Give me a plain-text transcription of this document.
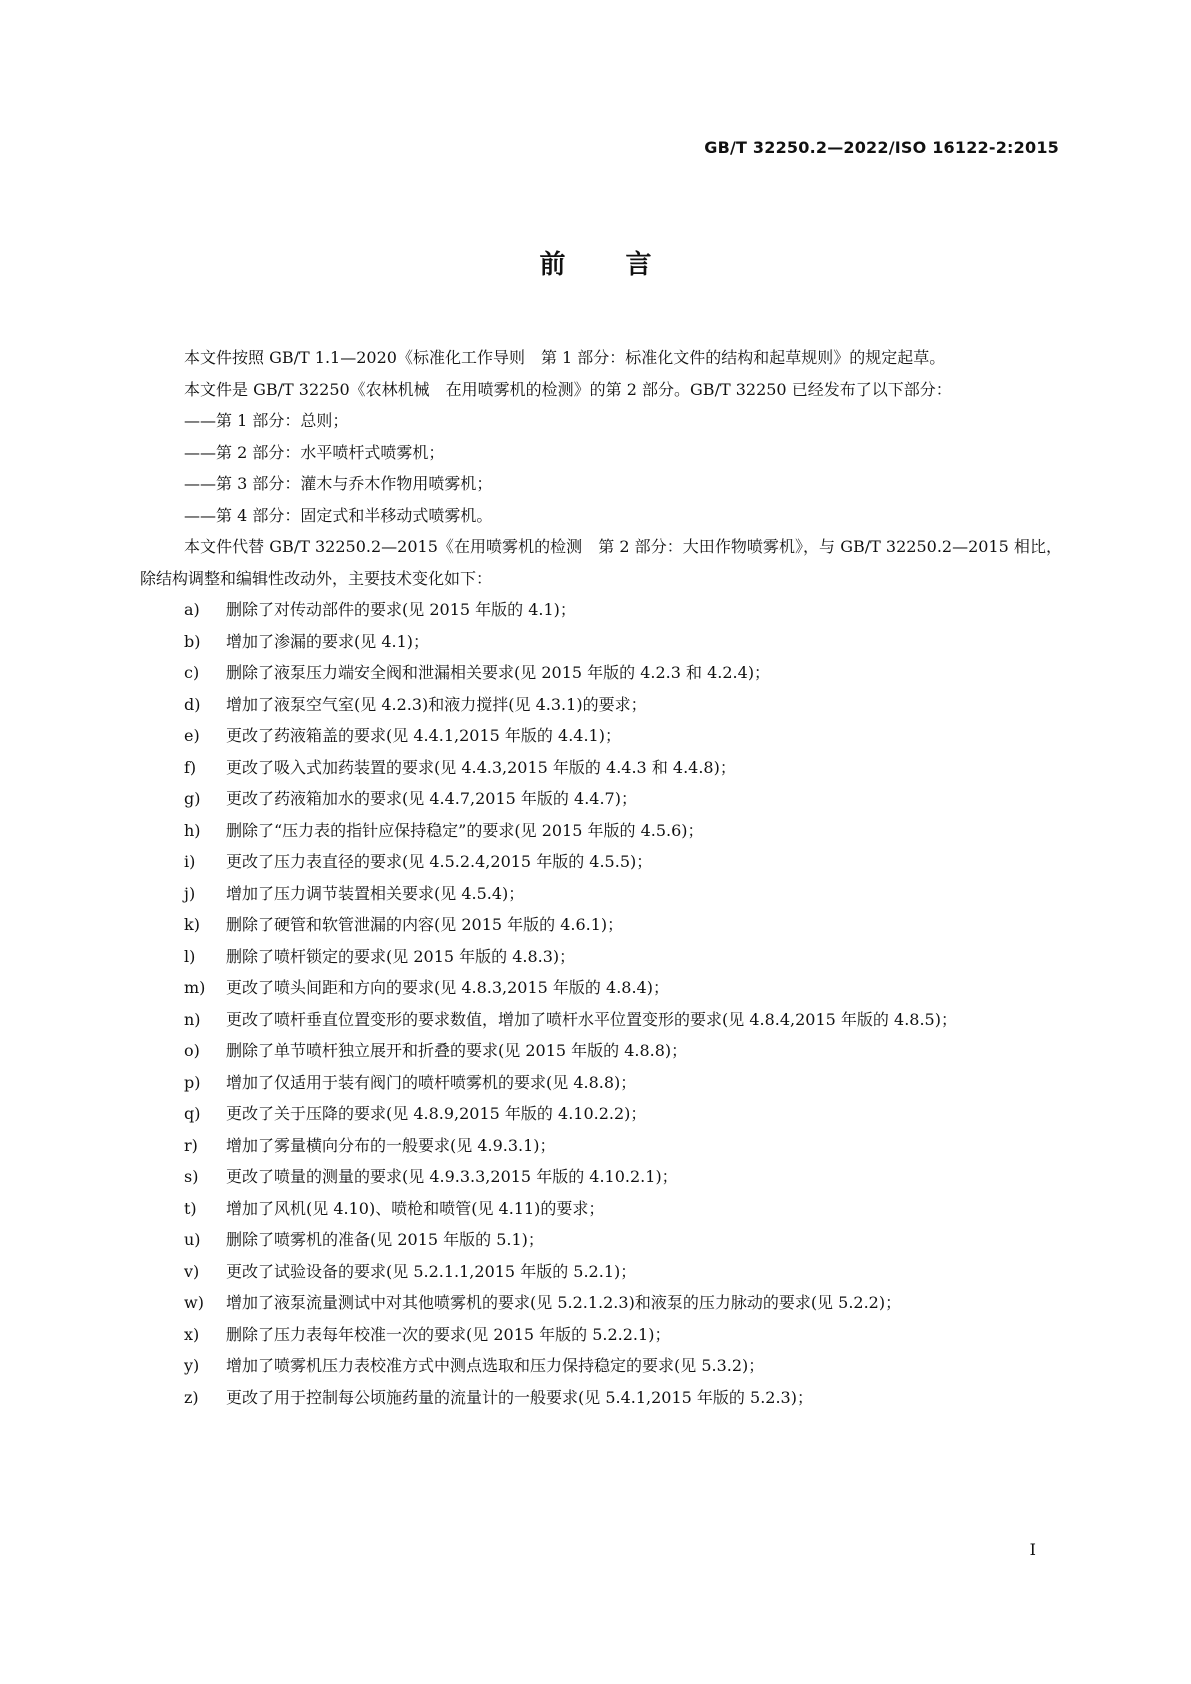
GB/T 32250.2—2022/ISO 16122-2:2015
前言

本文件按照 GB/T 1.1—2020《标准化工作导则　第 1 部分：标准化文件的结构和起草规则》的规定起草。

本文件是 GB/T 32250《农林机械　在用喷雾机的检测》的第 2 部分。GB/T 32250 已经发布了以下部分：

——第 1 部分：总则；

——第 2 部分：水平喷杆式喷雾机；

——第 3 部分：灌木与乔木作物用喷雾机；

——第 4 部分：固定式和半移动式喷雾机。

本文件代替 GB/T 32250.2—2015《在用喷雾机的检测　第 2 部分：大田作物喷雾机》，与 GB/T 32250.2—2015 相比，除结构调整和编辑性改动外，主要技术变化如下：

a) 删除了对传动部件的要求(见 2015 年版的 4.1)；
b) 增加了渗漏的要求(见 4.1)；
c) 删除了液泵压力端安全阀和泄漏相关要求(见 2015 年版的 4.2.3 和 4.2.4)；
d) 增加了液泵空气室(见 4.2.3)和液力搅拌(见 4.3.1)的要求；
e) 更改了药液箱盖的要求(见 4.4.1,2015 年版的 4.4.1)；
f) 更改了吸入式加药装置的要求(见 4.4.3,2015 年版的 4.4.3 和 4.4.8)；
g) 更改了药液箱加水的要求(见 4.4.7,2015 年版的 4.4.7)；
h) 删除了“压力表的指针应保持稳定”的要求(见 2015 年版的 4.5.6)；
i) 更改了压力表直径的要求(见 4.5.2.4,2015 年版的 4.5.5)；
j) 增加了压力调节装置相关要求(见 4.5.4)；
k) 删除了硬管和软管泄漏的内容(见 2015 年版的 4.6.1)；
l) 删除了喷杆锁定的要求(见 2015 年版的 4.8.3)；
m) 更改了喷头间距和方向的要求(见 4.8.3,2015 年版的 4.8.4)；
n) 更改了喷杆垂直位置变形的要求数值，增加了喷杆水平位置变形的要求(见 4.8.4,2015 年版的 4.8.5)；
o) 删除了单节喷杆独立展开和折叠的要求(见 2015 年版的 4.8.8)；
p) 增加了仅适用于装有阀门的喷杆喷雾机的要求(见 4.8.8)；
q) 更改了关于压降的要求(见 4.8.9,2015 年版的 4.10.2.2)；
r) 增加了雾量横向分布的一般要求(见 4.9.3.1)；
s) 更改了喷量的测量的要求(见 4.9.3.3,2015 年版的 4.10.2.1)；
t) 增加了风机(见 4.10)、喷枪和喷管(见 4.11)的要求；
u) 删除了喷雾机的准备(见 2015 年版的 5.1)；
v) 更改了试验设备的要求(见 5.2.1.1,2015 年版的 5.2.1)；
w) 增加了液泵流量测试中对其他喷雾机的要求(见 5.2.1.2.3)和液泵的压力脉动的要求(见 5.2.2)；
x) 删除了压力表每年校准一次的要求(见 2015 年版的 5.2.2.1)；
y) 增加了喷雾机压力表校准方式中测点选取和压力保持稳定的要求(见 5.3.2)；
z) 更改了用于控制每公顷施药量的流量计的一般要求(见 5.4.1,2015 年版的 5.2.3)；
I
